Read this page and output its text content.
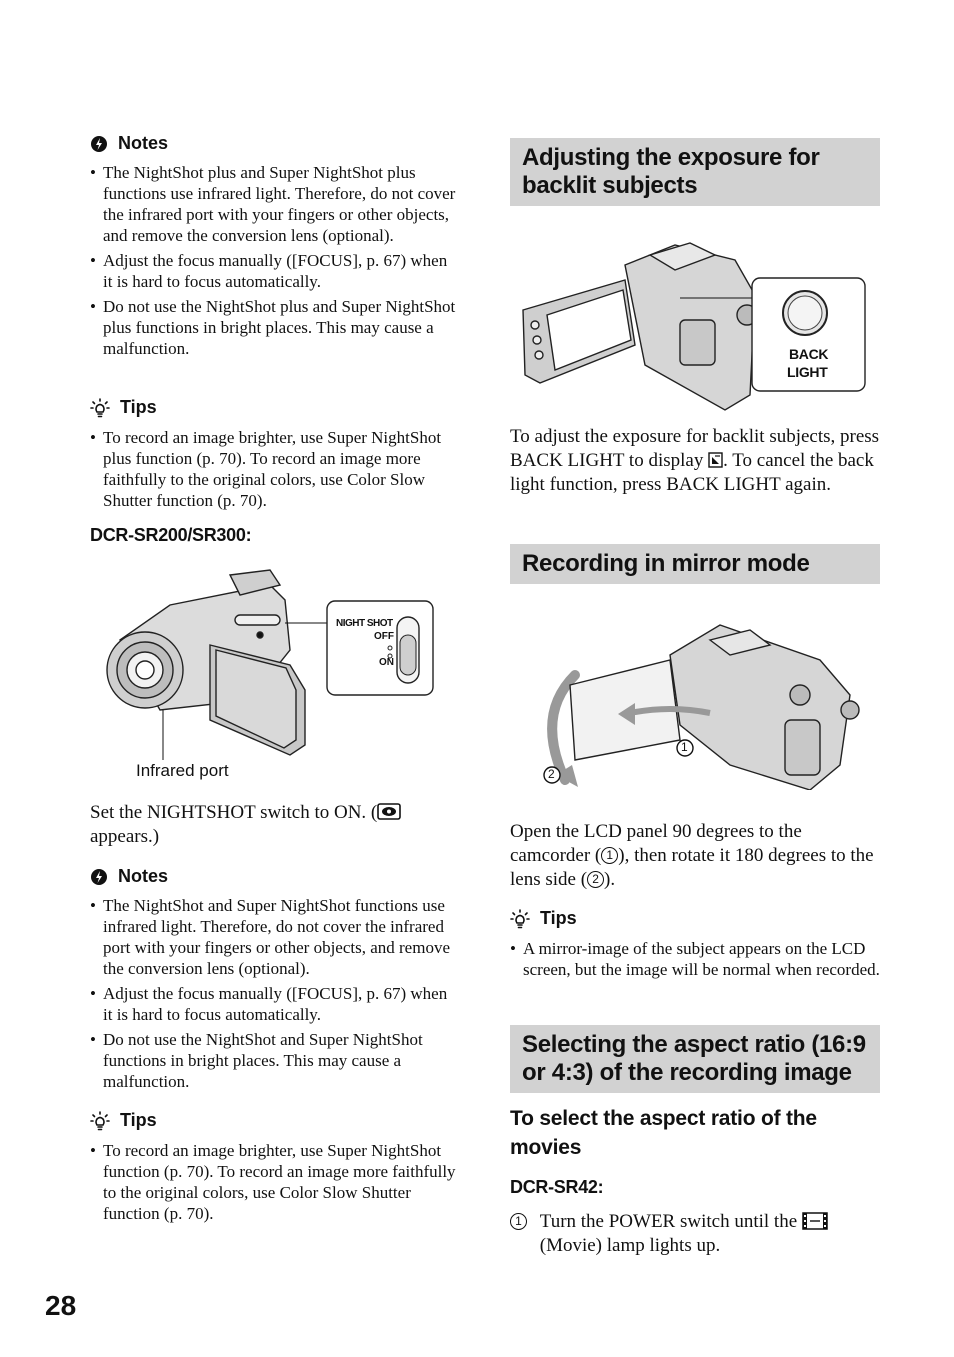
Notes
• The NightShot plus and Super NightShot plus functions use infrared light. Therefore, do not cover the infrared port with your fingers or other objects, and remove the conversion lens (optional).
• Adjust the focus manually ([FOCUS], p. 67) when it is hard to focus automatically.
• Do not use the NightShot plus and Super NightShot plus functions in bright places. This may cause a malfunction.
Tips
• To record an image brighter, use Super NightShot plus function (p. 70). To record an image more faithfully to the original colors, use Color Slow Shutter function (p. 70).
DCR-SR200/SR300:
NIGHT SHOT
OFF
ON
Infrared port
Set the NIGHTSHOT switch to ON. (
appears.)
Notes
• The NightShot and Super NightShot functions use infrared light. Therefore, do not cover the infrared port with your fingers or other objects, and remove the conversion lens (optional).
• Adjust the focus manually ([FOCUS], p. 67) when it is hard to focus automatically.
• Do not use the NightShot and Super NightShot functions in bright places. This may cause a malfunction.
Tips
• To record an image brighter, use Super NightShot function (p. 70). To record an image more faithfully to the original colors, use Color Slow Shutter function (p. 70).
Adjusting the exposure for backlit subjects
BACK
LIGHT
To adjust the exposure for backlit subjects, press BACK LIGHT to display . To cancel the back light function, press BACK LIGHT again.
Recording in mirror mode
1
2
Open the LCD panel 90 degrees to the camcorder ( 1 ), then rotate it 180 degrees to the lens side ( 2 ).
Tips
• A mirror-image of the subject appears on the LCD screen, but the image will be normal when recorded.
Selecting the aspect ratio (16:9 or 4:3) of the recording image
To select the aspect ratio of the movies
DCR-SR42:
1 Turn the POWER switch until the
(Movie) lamp lights up.
28
